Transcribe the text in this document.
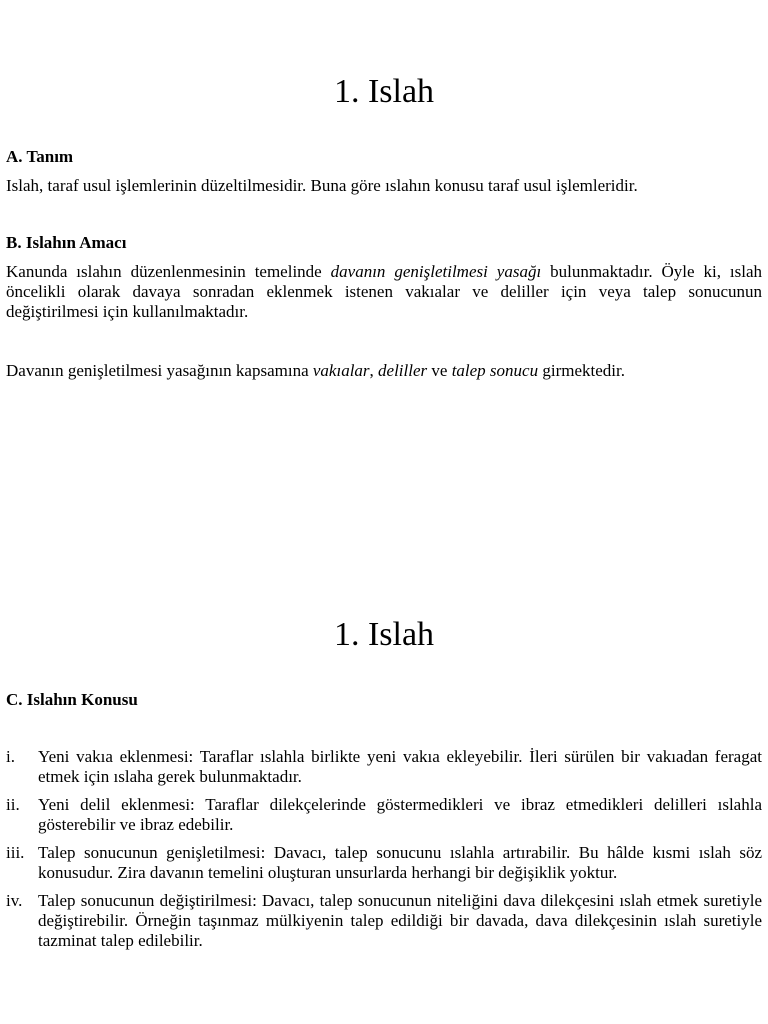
1. Islah

A. Tanım

Islah, taraf usul işlemlerinin düzeltilmesidir. Buna göre ıslahın konusu taraf usul işlemleridir.

B. Islahın Amacı

Kanunda ıslahın düzenlenmesinin temelinde davanın genişletilmesi yasağı bulunmaktadır. Öyle ki, ıslah öncelikli olarak davaya sonradan eklenmek istenen vakıalar ve deliller için veya talep sonucunun değiştirilmesi için kullanılmaktadır.

Davanın genişletilmesi yasağının kapsamına vakıalar, deliller ve talep sonucu girmektedir.

1. Islah

C. Islahın Konusu

i. Yeni vakıa eklenmesi: Taraflar ıslahla birlikte yeni vakıa ekleyebilir. İleri sürülen bir vakıadan feragat etmek için ıslaha gerek bulunmaktadır.
ii. Yeni delil eklenmesi: Taraflar dilekçelerinde göstermedikleri ve ibraz etmedikleri delilleri ıslahla gösterebilir ve ibraz edebilir.
iii. Talep sonucunun genişletilmesi: Davacı, talep sonucunu ıslahla artırabilir. Bu hâlde kısmi ıslah söz konusudur. Zira davanın temelini oluşturan unsurlarda herhangi bir değişiklik yoktur.
iv. Talep sonucunun değiştirilmesi: Davacı, talep sonucunun niteliğini dava dilekçesini ıslah etmek suretiyle değiştirebilir. Örneğin taşınmaz mülkiyenin talep edildiği bir davada, dava dilekçesinin ıslah suretiyle tazminat talep edilebilir.
